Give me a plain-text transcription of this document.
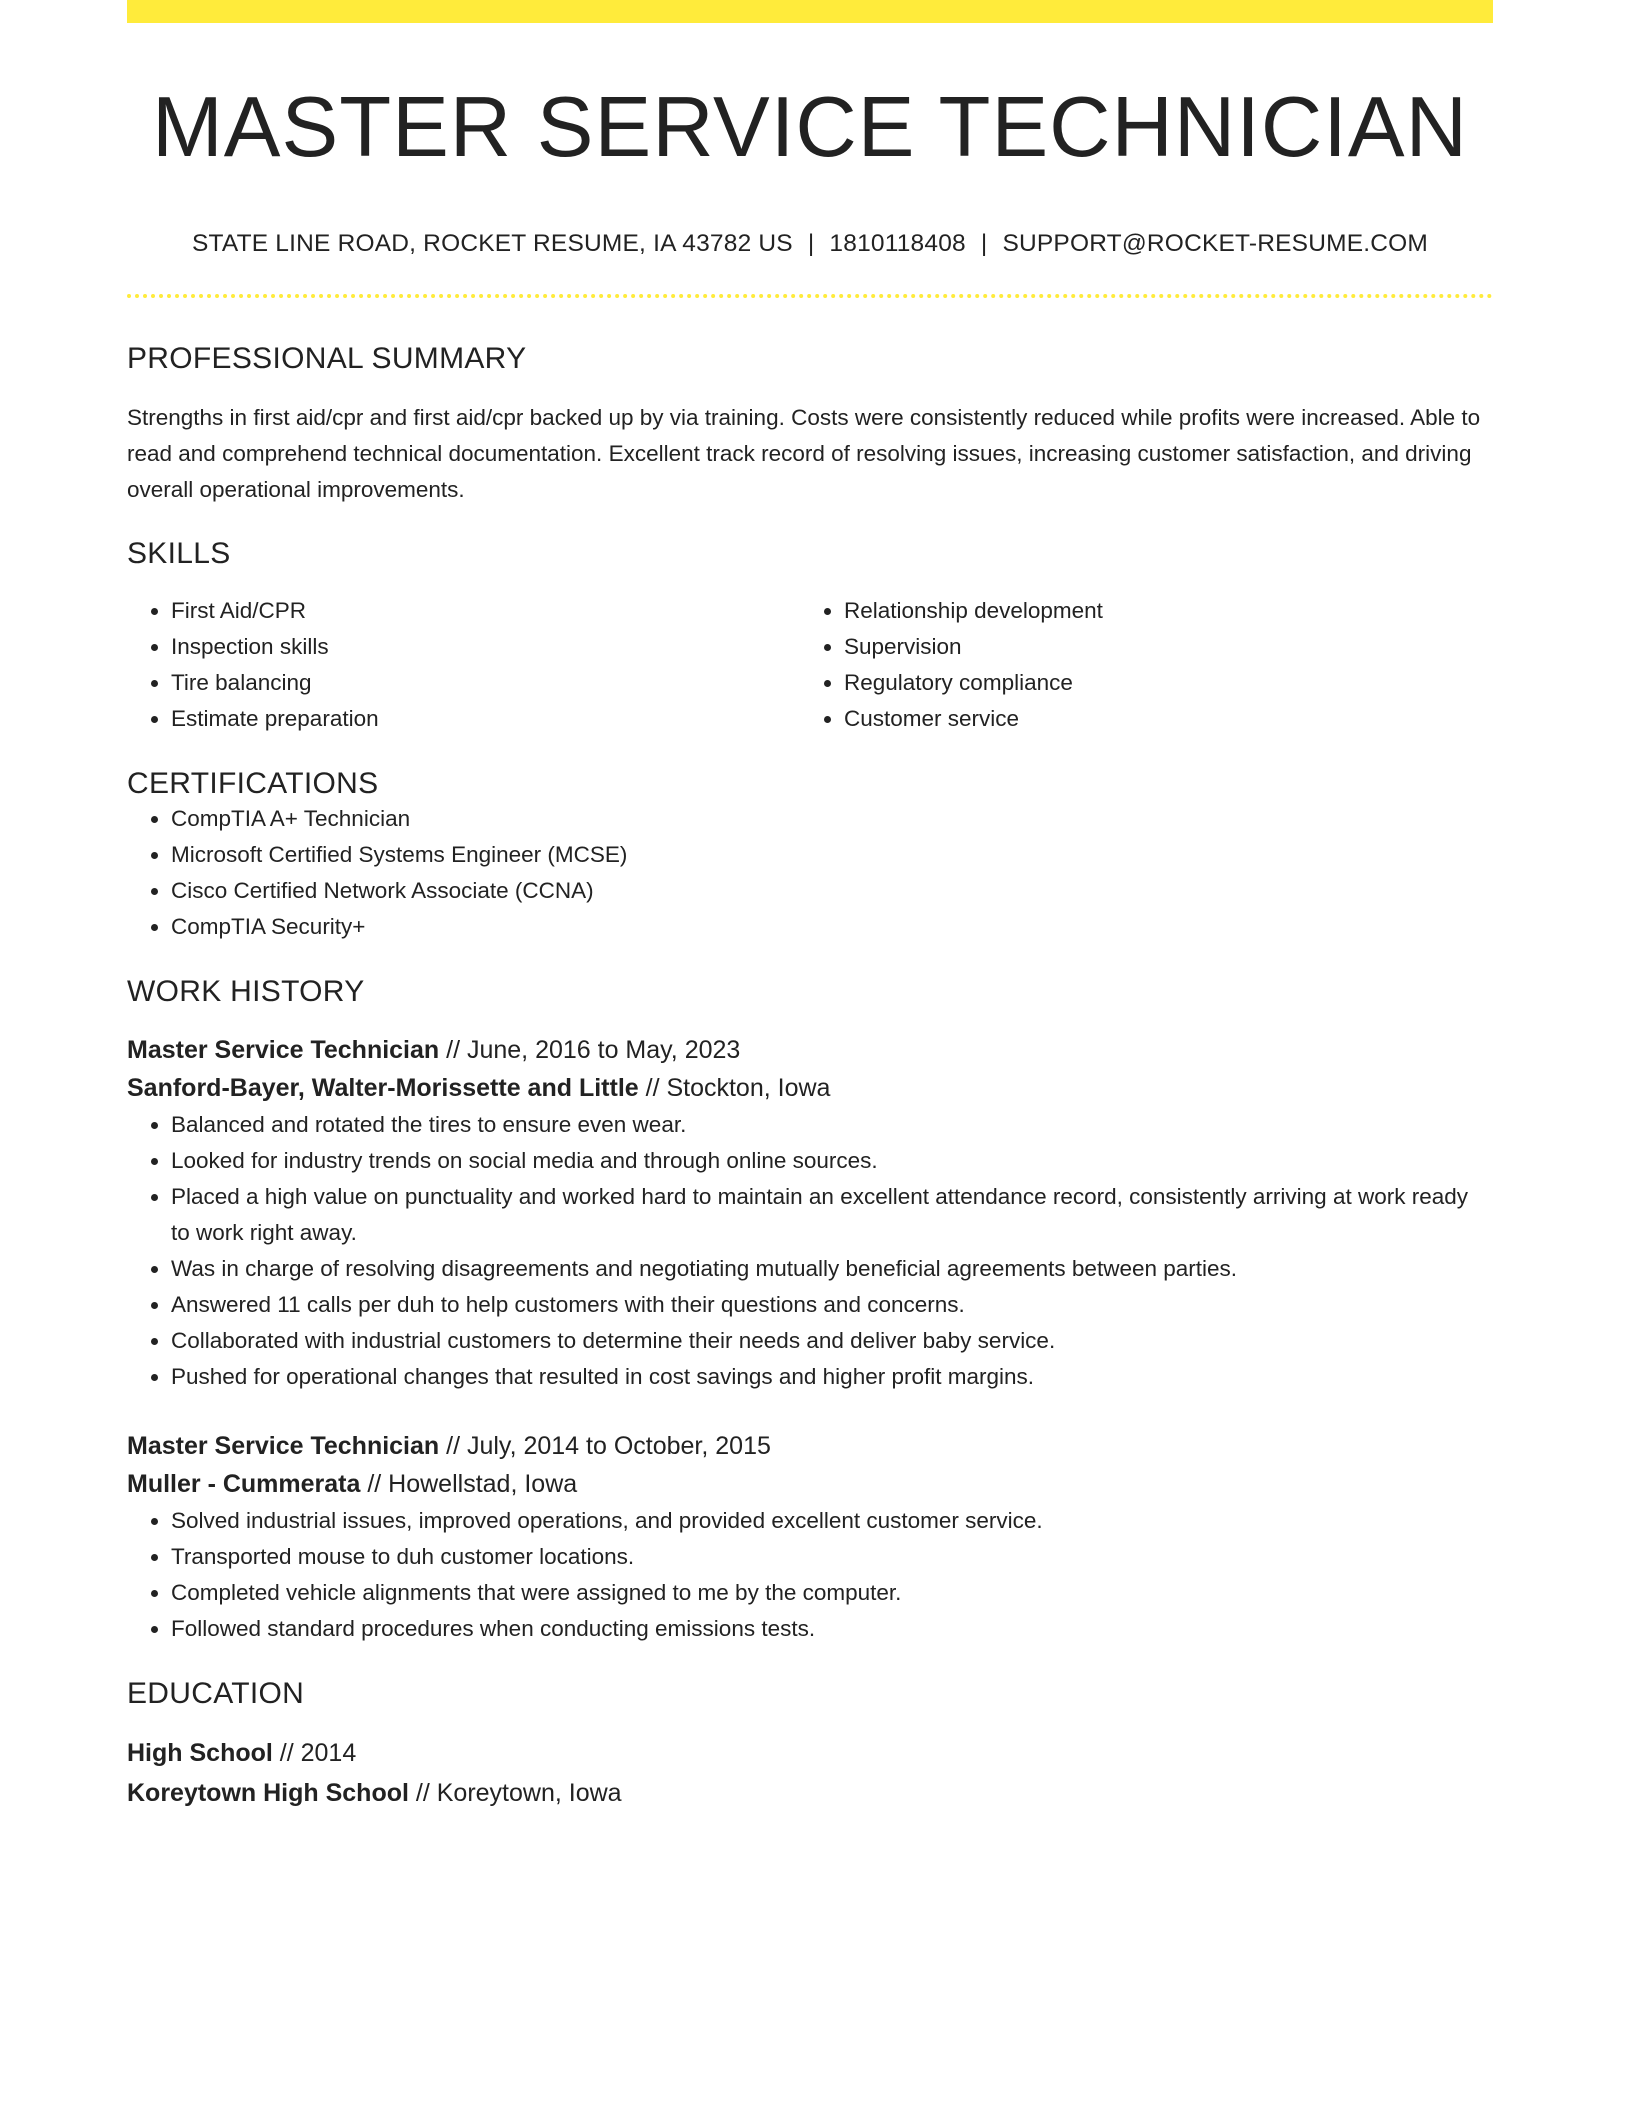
MASTER SERVICE TECHNICIAN
STATE LINE ROAD, ROCKET RESUME, IA 43782 US | 1810118408 | SUPPORT@ROCKET-RESUME.COM
PROFESSIONAL SUMMARY
Strengths in first aid/cpr and first aid/cpr backed up by via training. Costs were consistently reduced while profits were increased. Able to read and comprehend technical documentation. Excellent track record of resolving issues, increasing customer satisfaction, and driving overall operational improvements.
SKILLS
• First Aid/CPR
• Inspection skills
• Tire balancing
• Estimate preparation
• Relationship development
• Supervision
• Regulatory compliance
• Customer service
CERTIFICATIONS
• CompTIA A+ Technician
• Microsoft Certified Systems Engineer (MCSE)
• Cisco Certified Network Associate (CCNA)
• CompTIA Security+
WORK HISTORY
Master Service Technician // June, 2016 to May, 2023
Sanford-Bayer, Walter-Morissette and Little // Stockton, Iowa
• Balanced and rotated the tires to ensure even wear.
• Looked for industry trends on social media and through online sources.
• Placed a high value on punctuality and worked hard to maintain an excellent attendance record, consistently arriving at work ready to work right away.
• Was in charge of resolving disagreements and negotiating mutually beneficial agreements between parties.
• Answered 11 calls per duh to help customers with their questions and concerns.
• Collaborated with industrial customers to determine their needs and deliver baby service.
• Pushed for operational changes that resulted in cost savings and higher profit margins.
Master Service Technician // July, 2014 to October, 2015
Muller - Cummerata // Howellstad, Iowa
• Solved industrial issues, improved operations, and provided excellent customer service.
• Transported mouse to duh customer locations.
• Completed vehicle alignments that were assigned to me by the computer.
• Followed standard procedures when conducting emissions tests.
EDUCATION
High School // 2014
Koreytown High School // Koreytown, Iowa
